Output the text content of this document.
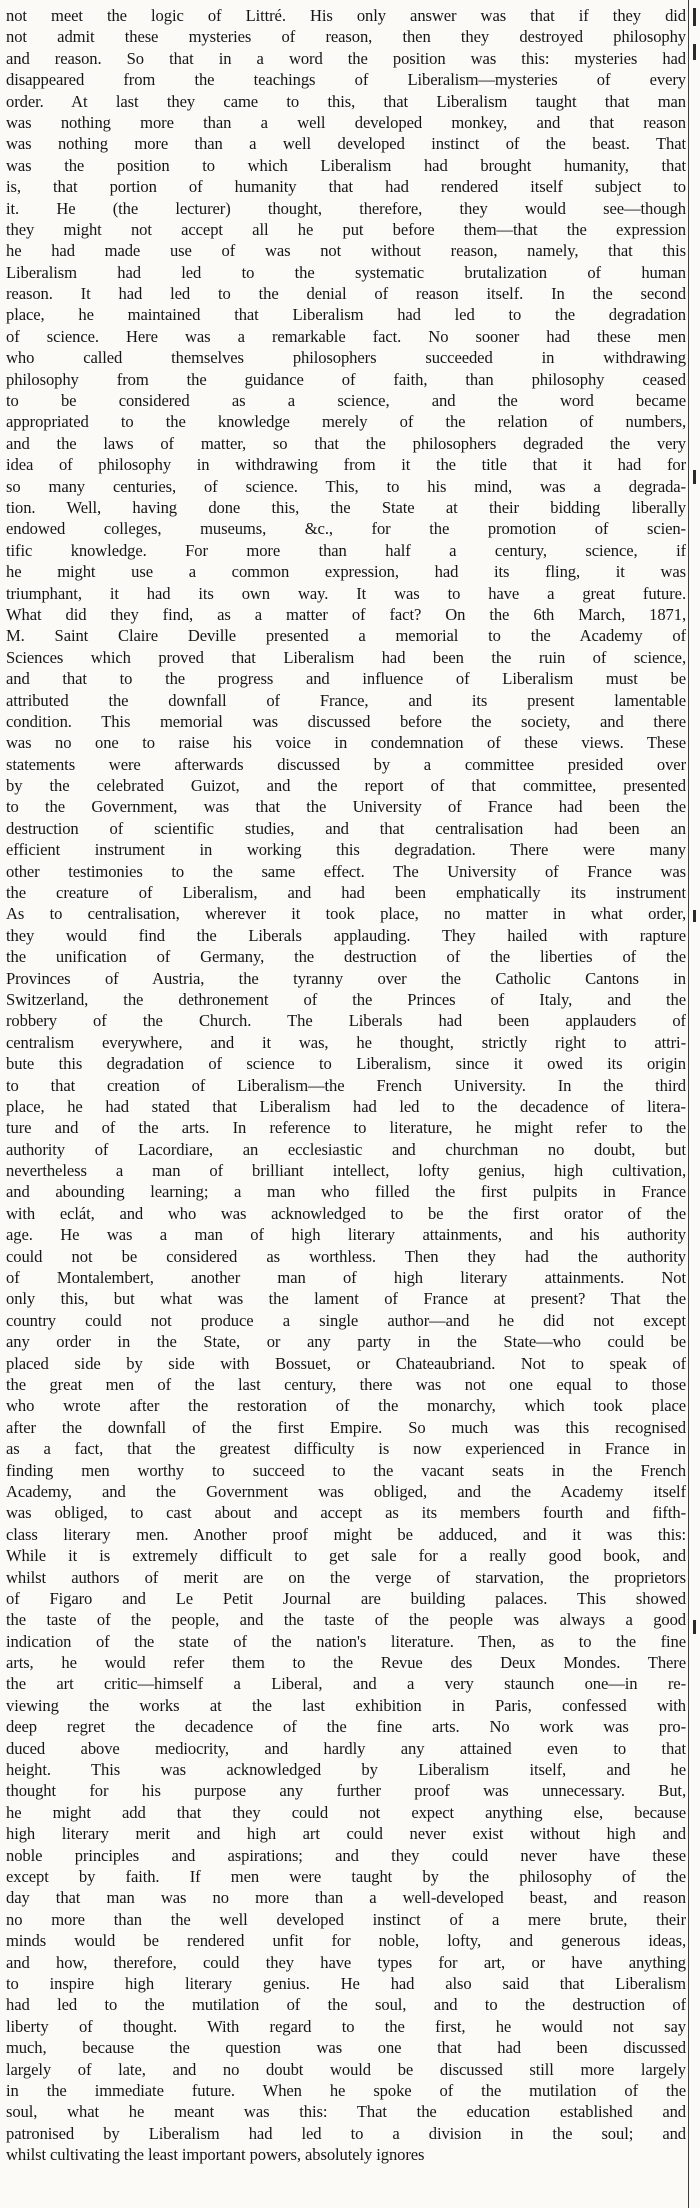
not meet the logic of Littré. His only answer was that if they did
not admit these mysteries of reason, then they destroyed philosophy
and reason. So that in a word the position was this: mysteries had
disappeared from the teachings of Liberalism—mysteries of every
order. At last they came to this, that Liberalism taught that man
was nothing more than a well developed monkey, and that reason
was nothing more than a well developed instinct of the beast. That
was the position to which Liberalism had brought humanity, that
is, that portion of humanity that had rendered itself subject to
it. He (the lecturer) thought, therefore, they would see—though
they might not accept all he put before them—that the expression
he had made use of was not without reason, namely, that this
Liberalism had led to the systematic brutalization of human
reason. It had led to the denial of reason itself. In the second
place, he maintained that Liberalism had led to the degradation
of science. Here was a remarkable fact. No sooner had these men
who called themselves philosophers succeeded in withdrawing
philosophy from the guidance of faith, than philosophy ceased
to be considered as a science, and the word became
appropriated to the knowledge merely of the relation of numbers,
and the laws of matter, so that the philosophers degraded the very
idea of philosophy in withdrawing from it the title that it had for
so many centuries, of science. This, to his mind, was a degrada-
tion. Well, having done this, the State at their bidding liberally
endowed colleges, museums, &c., for the promotion of scien-
tific knowledge. For more than half a century, science, if
he might use a common expression, had its fling, it was
triumphant, it had its own way. It was to have a great future.
What did they find, as a matter of fact? On the 6th March, 1871,
M. Saint Claire Deville presented a memorial to the Academy of
Sciences which proved that Liberalism had been the ruin of science,
and that to the progress and influence of Liberalism must be
attributed the downfall of France, and its present lamentable
condition. This memorial was discussed before the society, and there
was no one to raise his voice in condemnation of these views. These
statements were afterwards discussed by a committee presided over
by the celebrated Guizot, and the report of that committee, presented
to the Government, was that the University of France had been the
destruction of scientific studies, and that centralisation had been an
efficient instrument in working this degradation. There were many
other testimonies to the same effect. The University of France was
the creature of Liberalism, and had been emphatically its instrument
As to centralisation, wherever it took place, no matter in what order,
they would find the Liberals applauding. They hailed with rapture
the unification of Germany, the destruction of the liberties of the
Provinces of Austria, the tyranny over the Catholic Cantons in
Switzerland, the dethronement of the Princes of Italy, and the
robbery of the Church. The Liberals had been applauders of
centralism everywhere, and it was, he thought, strictly right to attri-
bute this degradation of science to Liberalism, since it owed its origin
to that creation of Liberalism—the French University. In the third
place, he had stated that Liberalism had led to the decadence of litera-
ture and of the arts. In reference to literature, he might refer to the
authority of Lacordiare, an ecclesiastic and churchman no doubt, but
nevertheless a man of brilliant intellect, lofty genius, high cultivation,
and abounding learning; a man who filled the first pulpits in France
with eclát, and who was acknowledged to be the first orator of the
age. He was a man of high literary attainments, and his authority
could not be considered as worthless. Then they had the authority
of Montalembert, another man of high literary attainments. Not
only this, but what was the lament of France at present? That the
country could not produce a single author—and he did not except
any order in the State, or any party in the State—who could be
placed side by side with Bossuet, or Chateaubriand. Not to speak of
the great men of the last century, there was not one equal to those
who wrote after the restoration of the monarchy, which took place
after the downfall of the first Empire. So much was this recognised
as a fact, that the greatest difficulty is now experienced in France in
finding men worthy to succeed to the vacant seats in the French
Academy, and the Government was obliged, and the Academy itself
was obliged, to cast about and accept as its members fourth and fifth-
class literary men. Another proof might be adduced, and it was this:
While it is extremely difficult to get sale for a really good book, and
whilst authors of merit are on the verge of starvation, the proprietors
of Figaro and Le Petit Journal are building palaces. This showed
the taste of the people, and the taste of the people was always a good
indication of the state of the nation's literature. Then, as to the fine
arts, he would refer them to the Revue des Deux Mondes. There
the art critic—himself a Liberal, and a very staunch one—in re-
viewing the works at the last exhibition in Paris, confessed with
deep regret the decadence of the fine arts. No work was pro-
duced above mediocrity, and hardly any attained even to that
height. This was acknowledged by Liberalism itself, and he
thought for his purpose any further proof was unnecessary. But,
he might add that they could not expect anything else, because
high literary merit and high art could never exist without high and
noble principles and aspirations; and they could never have these
except by faith. If men were taught by the philosophy of the
day that man was no more than a well-developed beast, and reason
no more than the well developed instinct of a mere brute, their
minds would be rendered unfit for noble, lofty, and generous ideas,
and how, therefore, could they have types for art, or have anything
to inspire high literary genius. He had also said that Liberalism
had led to the mutilation of the soul, and to the destruction of
liberty of thought. With regard to the first, he would not say
much, because the question was one that had been discussed
largely of late, and no doubt would be discussed still more largely
in the immediate future. When he spoke of the mutilation of the
soul, what he meant was this: That the education established and
patronised by Liberalism had led to a division in the soul; and
whilst cultivating the least important powers, absolutely ignores
